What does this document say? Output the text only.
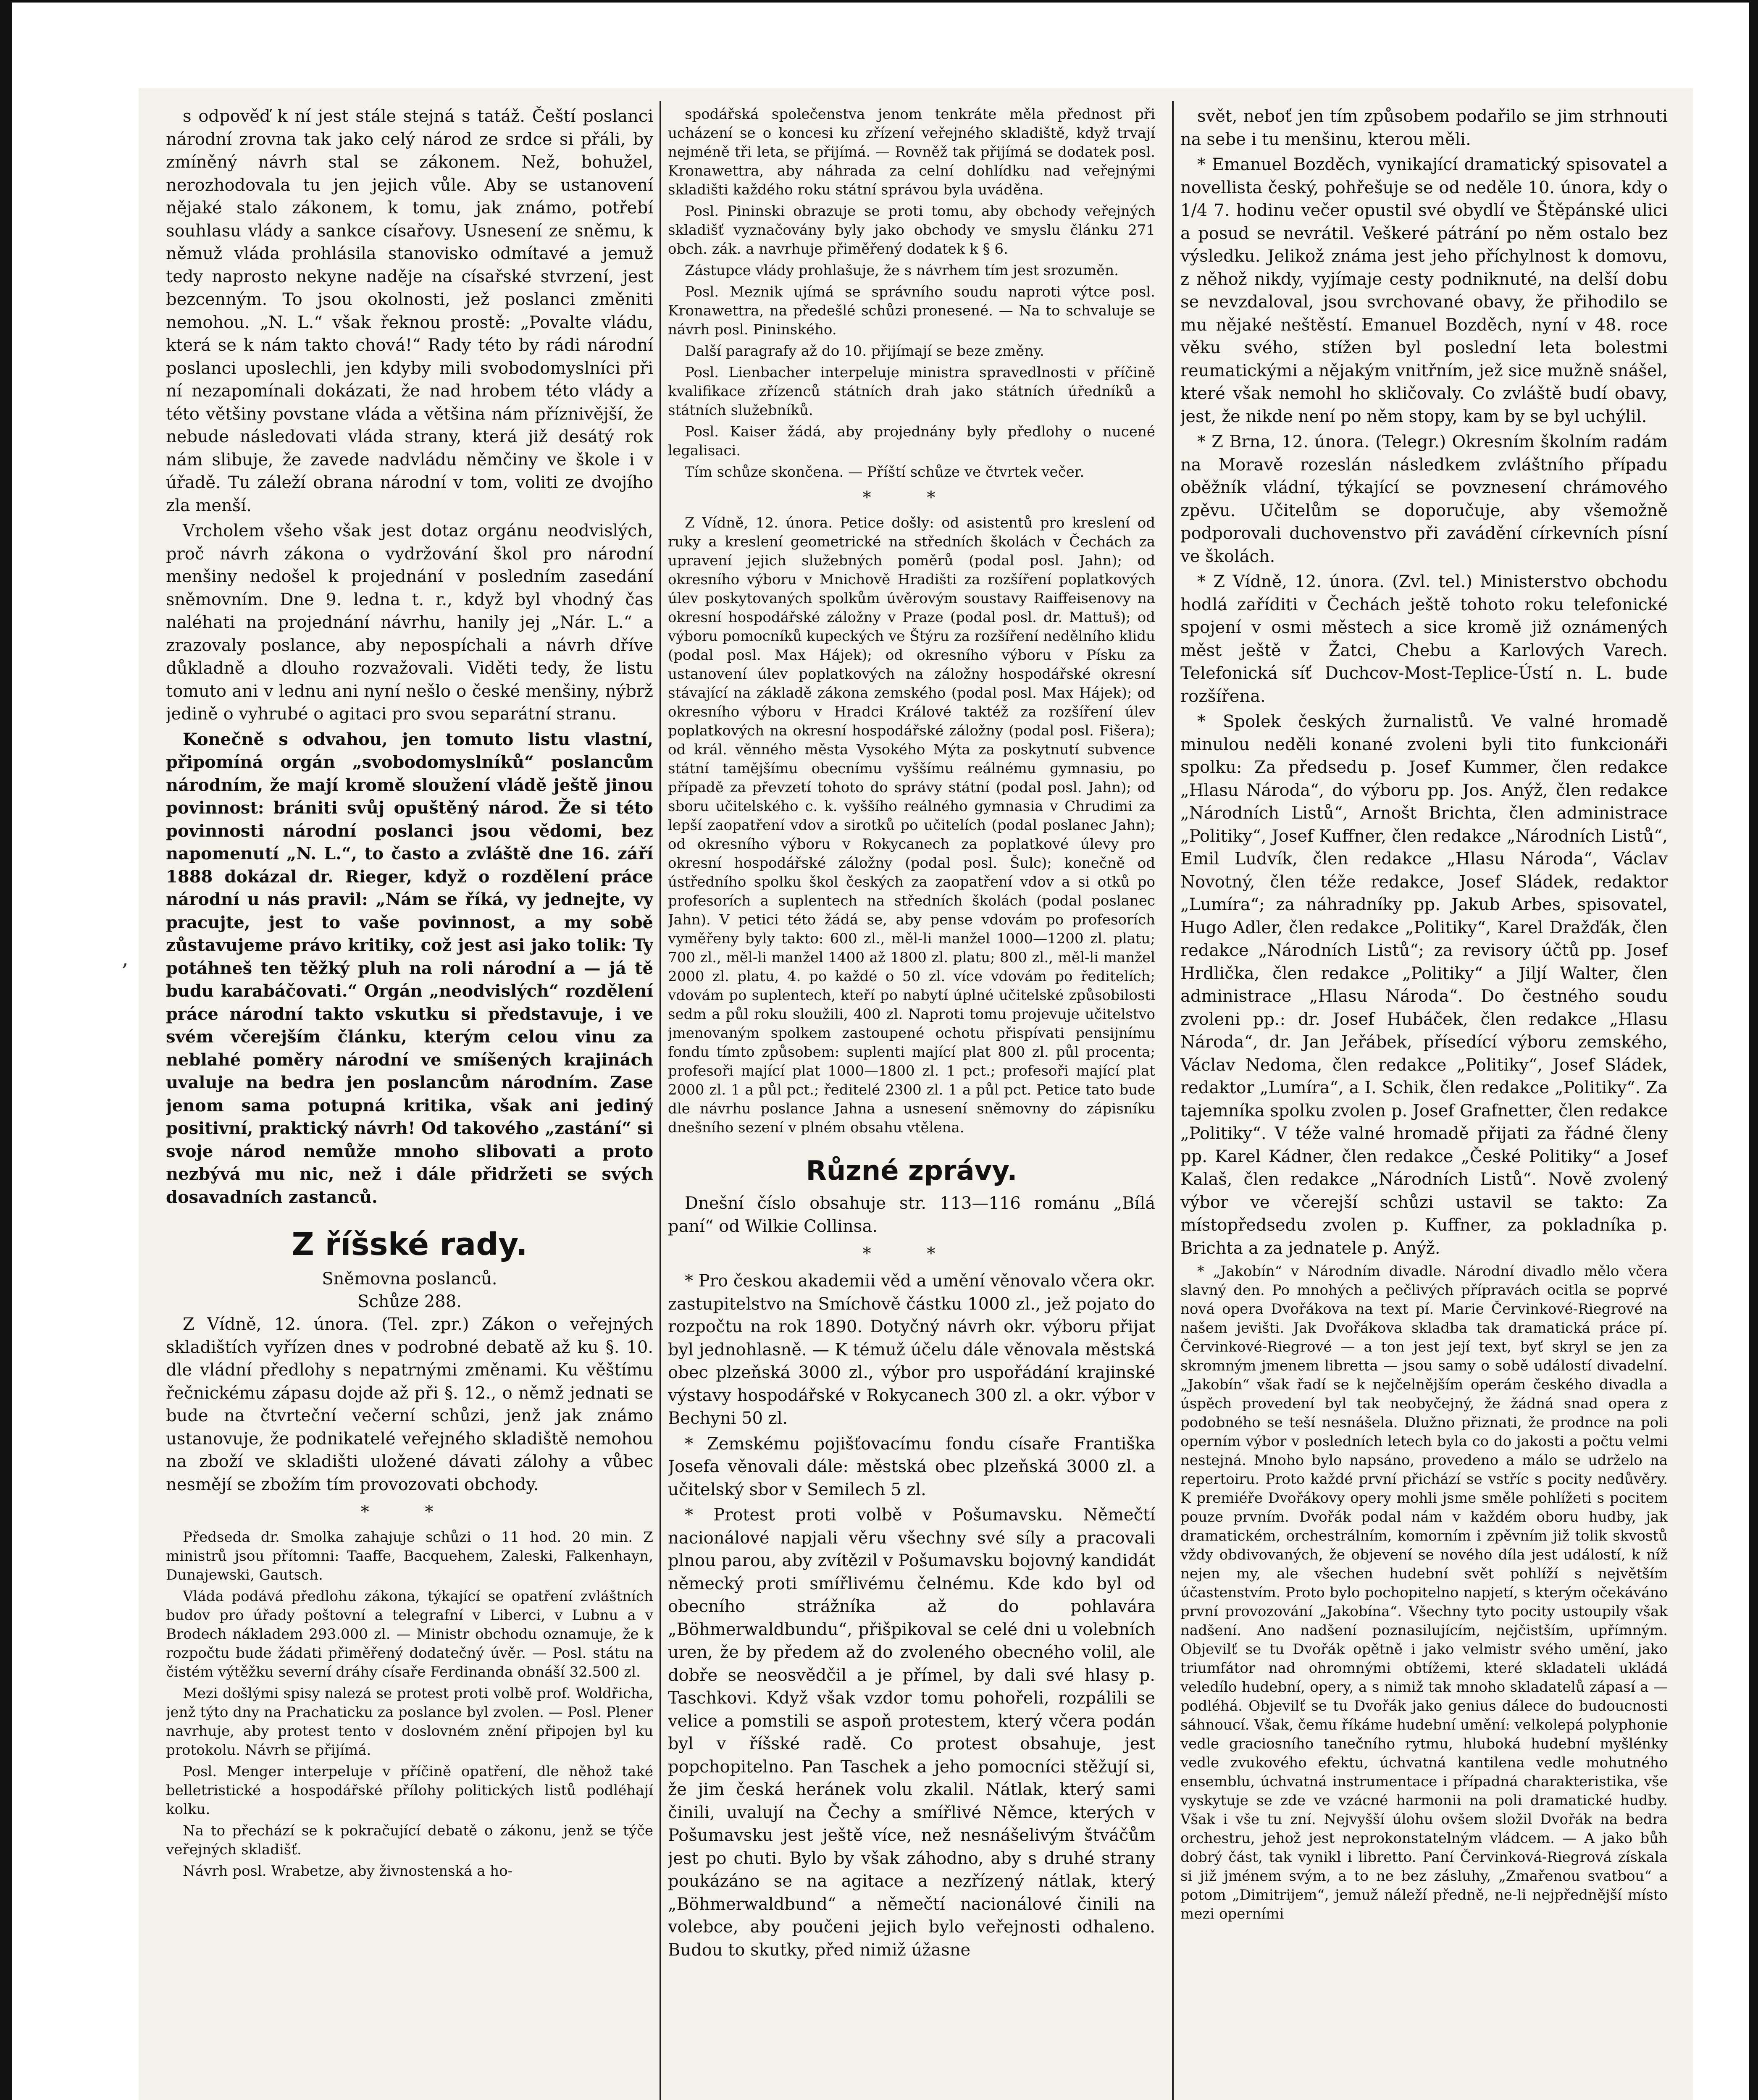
‚

s odpověď k ní jest stále stejná s tatáž. Čeští poslanci národní zrovna tak jako celý národ ze srdce si přáli, by zmíněný návrh stal se zákonem. Než, bohužel, nerozhodovala tu jen jejich vůle. Aby se ustanovení nějaké stalo zákonem, k tomu, jak známo, potřebí souhlasu vlády a sankce císařovy. Usnesení ze sněmu, k němuž vláda prohlásila stanovisko odmítavé a jemuž tedy naprosto nekyne naděje na císařské stvrzení, jest bezcenným. To jsou okolnosti, jež poslanci změniti nemohou. „N. L.“ však řeknou prostě: „Povalte vládu, která se k nám takto chová!“ Rady této by rádi národní poslanci uposlechli, jen kdyby mili svobodomyslníci při ní nezapomínali dokázati, že nad hrobem této vlády a této většiny povstane vláda a většina nám příznivější, že nebude následovati vláda strany, která již desátý rok nám slibuje, že zavede nadvládu němčiny ve škole i v úřadě. Tu záleží obrana národní v tom, voliti ze dvojího zla menší.

Vrcholem všeho však jest dotaz orgánu neodvislých, proč návrh zákona o vydržování škol pro národní menšiny nedošel k projednání v posledním zasedání sněmovním. Dne 9. ledna t. r., když byl vhodný čas naléhati na projednání návrhu, hanily jej „Nár. L.“ a zrazovaly poslance, aby nepospíchali a návrh dříve důkladně a dlouho rozvažovali. Viděti tedy, že listu tomuto ani v lednu ani nyní nešlo o české menšiny, nýbrž jedině o vyhrubé o agitaci pro svou separátní stranu.

Konečně s odvahou, jen tomuto listu vlastní, připomíná orgán „svobodomyslníků“ poslancům národním, že mají kromě sloužení vládě ještě jinou povinnost: brániti svůj opuštěný národ. Že si této povinnosti národní poslanci jsou vědomi, bez napomenutí „N. L.“, to často a zvláště dne 16. září 1888 dokázal dr. Rieger, když o rozdělení práce národní u nás pravil: „Nám se říká, vy jednejte, vy pracujte, jest to vaše povinnost, a my sobě zůstavujeme právo kritiky, což jest asi jako tolik: Ty potáhneš ten těžký pluh na roli národní a — já tě budu karabáčovati.“ Orgán „neodvislých“ rozdělení práce národní takto vskutku si představuje, i ve svém včerejším článku, kterým celou vinu za neblahé poměry národní ve smíšených krajinách uvaluje na bedra jen poslancům národním. Zase jenom sama potupná kritika, však ani jediný positivní, praktický návrh! Od takového „zastání“ si svoje národ nemůže mnoho slibovati a proto nezbývá mu nic, než i dále přidržeti se svých dosavadních zastanců.

Z říšské rady.
Sněmovna poslanců.
Schůze 288.

Z Vídně, 12. února. (Tel. zpr.) Zákon o veřejných skladištích vyřízen dnes v podrobné debatě až ku §. 10. dle vládní předlohy s nepatrnými změnami. Ku věštímu řečnickému zápasu dojde až při §. 12., o němž jednati se bude na čtvrteční večerní schůzi, jenž jak známo ustanovuje, že podnikatelé veřejného skladiště nemohou na zboží ve skladišti uložené dávati zálohy a vůbec nesmějí se zbožím tím provozovati obchody.

* *

Předseda dr. Smolka zahajuje schůzi o 11 hod. 20 min. Z ministrů jsou přítomni: Taaffe, Bacquehem, Zaleski, Falkenhayn, Dunajewski, Gautsch.

Vláda podává předlohu zákona, týkající se opatření zvláštních budov pro úřady poštovní a telegrafní v Liberci, v Lubnu a v Brodech nákladem 293.000 zl. — Ministr obchodu oznamuje, že k rozpočtu bude žádati přiměřený dodatečný úvěr. — Posl. státu na čistém výtěžku severní dráhy císaře Ferdinanda obnáší 32.500 zl.

Mezi došlými spisy nalezá se protest proti volbě prof. Woldřicha, jenž týto dny na Prachaticku za poslance byl zvolen. — Posl. Plener navrhuje, aby protest tento v doslovném znění připojen byl ku protokolu. Návrh se přijímá.

Posl. Menger interpeluje v příčině opatření, dle něhož také belletristické a hospodářské přílohy politických listů podléhají kolku.

Na to přechází se k pokračující debatě o zákonu, jenž se týče veřejných skladišť.

Návrh posl. Wrabetze, aby živnostenská a ho-

spodářská společenstva jenom tenkráte měla přednost při ucházení se o koncesi ku zřízení veřejného skladiště, když trvají nejméně tři leta, se přijímá. — Rovněž tak přijímá se dodatek posl. Kronawettra, aby náhrada za celní dohlídku nad veřejnými skladišti každého roku státní správou byla uváděna.

Posl. Pininski obrazuje se proti tomu, aby obchody veřejných skladišť vyznačovány byly jako obchody ve smyslu článku 271 obch. zák. a navrhuje přiměřený dodatek k § 6.

Zástupce vlády prohlašuje, že s návrhem tím jest srozuměn.

Posl. Meznik ujímá se správního soudu naproti výtce posl. Kronawettra, na předešlé schůzi pronesené. — Na to schvaluje se návrh posl. Pininského.

Další paragrafy až do 10. přijímají se beze změny.

Posl. Lienbacher interpeluje ministra spravedlnosti v příčině kvalifikace zřízenců státních drah jako státních úředníků a státních služebníků.

Posl. Kaiser žádá, aby projednány byly předlohy o nucené legalisaci.

Tím schůze skončena. — Příští schůze ve čtvrtek večer.

* *

Z Vídně, 12. února. Petice došly: od asistentů pro kreslení od ruky a kreslení geometrické na středních školách v Čechách za upravení jejich služebných poměrů (podal posl. Jahn); od okresního výboru v Mnichově Hradišti za rozšíření poplatkových úlev poskytovaných spolkům úvěrovým soustavy Raiffeisenovy na okresní hospodářské záložny v Praze (podal posl. dr. Mattuš); od výboru pomocníků kupeckých ve Štýru za rozšíření nedělního klidu (podal posl. Max Hájek); od okresního výboru v Písku za ustanovení úlev poplatkových na záložny hospodářské okresní stávající na základě zákona zemského (podal posl. Max Hájek); od okresního výboru v Hradci Králové taktéž za rozšíření úlev poplatkových na okresní hospodářské záložny (podal posl. Fišera); od král. věnného města Vysokého Mýta za poskytnutí subvence státní tamějšímu obecnímu vyššímu reálnému gymnasiu, po případě za převzetí tohoto do správy státní (podal posl. Jahn); od sboru učitelského c. k. vyššího reálného gymnasia v Chrudimi za lepší zaopatření vdov a sirotků po učitelích (podal poslanec Jahn); od okresního výboru v Rokycanech za poplatkové úlevy pro okresní hospodářské záložny (podal posl. Šulc); konečně od ústředního spolku škol českých za zaopatření vdov a si otků po profesorích a suplentech na středních školách (podal poslanec Jahn). V petici této žádá se, aby pense vdovám po profesorích vyměřeny byly takto: 600 zl., měl-li manžel 1000—1200 zl. platu; 700 zl., měl-li manžel 1400 až 1800 zl. platu; 800 zl., měl-li manžel 2000 zl. platu, 4. po každé o 50 zl. více vdovám po ředitelích; vdovám po suplentech, kteří po nabytí úplné učitelské způsobilosti sedm a půl roku sloužili, 400 zl. Naproti tomu projevuje učitelstvo jmenovaným spolkem zastoupené ochotu přispívati pensijnímu fondu tímto způsobem: suplenti mající plat 800 zl. půl procenta; profesoři mající plat 1000—1800 zl. 1 pct.; profesoři mající plat 2000 zl. 1 a půl pct.; ředitelé 2300 zl. 1 a půl pct. Petice tato bude dle návrhu poslance Jahna a usnesení sněmovny do zápisníku dnešního sezení v plném obsahu vtělena.

Různé zprávy.

Dnešní číslo obsahuje str. 113—116 románu „Bílá paní“ od Wilkie Collinsa.

* *

* Pro českou akademii věd a umění věnovalo včera okr. zastupitelstvo na Smíchově částku 1000 zl., jež pojato do rozpočtu na rok 1890. Dotyčný návrh okr. výboru přijat byl jednohlasně. — K témuž účelu dále věnovala městská obec plzeňská 3000 zl., výbor pro uspořádání krajinské výstavy hospodářské v Rokycanech 300 zl. a okr. výbor v Bechyni 50 zl.

* Zemskému pojišťovacímu fondu císaře Františka Josefa věnovali dále: městská obec plzeňská 3000 zl. a učitelský sbor v Semilech 5 zl.

* Protest proti volbě v Pošumavsku. Němečtí nacionálové napjali věru všechny své síly a pracovali plnou parou, aby zvítězil v Pošumavsku bojovný kandidát německý proti smířlivému čelnému. Kde kdo byl od obecního strážníka až do pohlavára „Böhmerwaldbundu“, přišpikoval se celé dni u volebních uren, že by předem až do zvoleného obecného volil, ale dobře se neosvědčil a je přímel, by dali své hlasy p. Taschkovi. Když však vzdor tomu pohořeli, rozpálili se velice a pomstili se aspoň protestem, který včera podán byl v říšské radě. Co protest obsahuje, jest popchopitelno. Pan Taschek a jeho pomocníci stěžují si, že jim česká heránek volu zkalil. Nátlak, který sami činili, uvalují na Čechy a smířlivé Němce, kterých v Pošumavsku jest ještě více, než nesnášelivým štváčům jest po chuti. Bylo by však záhodno, aby s druhé strany poukázáno se na agitace a nezřízený nátlak, který „Böhmerwaldbund“ a němečtí nacionálové činili na volebce, aby poučeni jejich bylo veřejnosti odhaleno. Budou to skutky, před nimiž úžasne

svět, neboť jen tím způsobem podařilo se jim strhnouti na sebe i tu menšinu, kterou měli.

* Emanuel Bozděch, vynikající dramatický spisovatel a novellista český, pohřešuje se od neděle 10. února, kdy o 1/4 7. hodinu večer opustil své obydlí ve Štěpánské ulici a posud se nevrátil. Veškeré pátrání po něm ostalo bez výsledku. Jelikož známa jest jeho příchylnost k domovu, z něhož nikdy, vyjímaje cesty podniknuté, na delší dobu se nevzdaloval, jsou svrchované obavy, že přihodilo se mu nějaké neštěstí. Emanuel Bozděch, nyní v 48. roce věku svého, stížen byl poslední leta bolestmi reumatickými a nějakým vnitřním, jež sice mužně snášel, které však nemohl ho skličovaly. Co zvláště budí obavy, jest, že nikde není po něm stopy, kam by se byl uchýlil.

* Z Brna, 12. února. (Telegr.) Okresním školním radám na Moravě rozeslán následkem zvláštního případu oběžník vládní, týkající se povznesení chrámového zpěvu. Učitelům se doporučuje, aby všemožně podporovali duchovenstvo při zavádění církevních písní ve školách.

* Z Vídně, 12. února. (Zvl. tel.) Ministerstvo obchodu hodlá zaříditi v Čechách ještě tohoto roku telefonické spojení v osmi městech a sice kromě již oznámených měst ještě v Žatci, Chebu a Karlových Varech. Telefonická síť Duchcov-Most-Teplice-Ústí n. L. bude rozšířena.

* Spolek českých žurnalistů. Ve valné hromadě minulou neděli konané zvoleni byli tito funkcionáři spolku: Za předsedu p. Josef Kummer, člen redakce „Hlasu Národa“, do výboru pp. Jos. Anýž, člen redakce „Národních Listů“, Arnošt Brichta, člen administrace „Politiky“, Josef Kuffner, člen redakce „Národních Listů“, Emil Ludvík, člen redakce „Hlasu Národa“, Václav Novotný, člen téže redakce, Josef Sládek, redaktor „Lumíra“; za náhradníky pp. Jakub Arbes, spisovatel, Hugo Adler, člen redakce „Politiky“, Karel Dražďák, člen redakce „Národních Listů“; za revisory účtů pp. Josef Hrdlička, člen redakce „Politiky“ a Jiljí Walter, člen administrace „Hlasu Národa“. Do čestného soudu zvoleni pp.: dr. Josef Hubáček, člen redakce „Hlasu Národa“, dr. Jan Jeřábek, přísedící výboru zemského, Václav Nedoma, člen redakce „Politiky“, Josef Sládek, redaktor „Lumíra“, a I. Schik, člen redakce „Politiky“. Za tajemníka spolku zvolen p. Josef Grafnetter, člen redakce „Politiky“. V téže valné hromadě přijati za řádné členy pp. Karel Kádner, člen redakce „České Politiky“ a Josef Kalaš, člen redakce „Národních Listů“. Nově zvolený výbor ve včerejší schůzi ustavil se takto: Za místopředsedu zvolen p. Kuffner, za pokladníka p. Brichta a za jednatele p. Anýž.

* „Jakobín“ v Národním divadle. Národní divadlo mělo včera slavný den. Po mnohých a pečlivých přípravách ocitla se poprvé nová opera Dvořákova na text pí. Marie Červinkové-Riegrové na našem jevišti. Jak Dvořákova skladba tak dramatická práce pí. Červinkové-Riegrové — a ton jest její text, byť skryl se jen za skromným jmenem libretta — jsou samy o sobě událostí divadelní. „Jakobín“ však řadí se k nejčelnějším operám českého divadla a úspěch provedení byl tak neobyčejný, že žádná snad opera z podobného se teší nesnášela. Dlužno přiznati, že prodnce na poli operním výbor v posledních letech byla co do jakosti a počtu velmi nestejná. Mnoho bylo napsáno, provedeno a málo se udrželo na repertoiru. Proto každé první přichází se vstříc s pocity nedůvěry. K premiéře Dvořákovy opery mohli jsme směle pohlížeti s pocitem pouze prvním. Dvořák podal nám v každém oboru hudby, jak dramatickém, orchestrálním, komorním i zpěvním již tolik skvostů vždy obdivovaných, že objevení se nového díla jest událostí, k níž nejen my, ale všechen hudební svět pohlíží s největším účastenstvím. Proto bylo pochopitelno napjetí, s kterým očekáváno první provozování „Jakobína“. Všechny tyto pocity ustoupily však nadšení. Ano nadšení poznasilujícím, nejčistším, upřímným. Objevilť se tu Dvořák opětně i jako velmistr svého umění, jako triumfátor nad ohromnými obtížemi, které skladateli ukládá veledílo hudební, opery, a s nimiž tak mnoho skladatelů zápasí a — podléhá. Objevilť se tu Dvořák jako genius dálece do budoucnosti sáhnoucí. Však, čemu říkáme hudební umění: velkolepá polyphonie vedle graciosního tanečního rytmu, hluboká hudební myšlénky vedle zvukového efektu, úchvatná kantilena vedle mohutného ensemblu, úchvatná instrumentace i případná charakteristika, vše vyskytuje se zde ve vzácné harmonii na poli dramatické hudby. Však i vše tu zní. Nejvyšší úlohu ovšem složil Dvořák na bedra orchestru, jehož jest neprokonstatelným vládcem. — A jako bůh dobrý část, tak vynikl i libretto. Paní Červinková-Riegrová získala si již jménem svým, a to ne bez zásluhy, „Zmařenou svatbou“ a potom „Dimitrijem“, jemuž náleží předně, ne-li nejpřednější místo mezi operními
